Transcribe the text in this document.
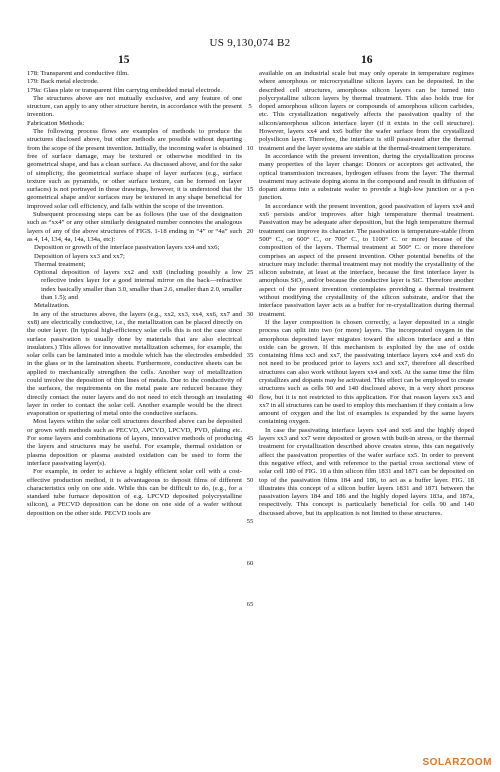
US 9,130,074 B2
15	16

178: Transparent and conductive film.

179: Back metal electrode.

179a: Glass plate or transparent film carrying embedded metal electrode.

The structures above are not mutually exclusive, and any feature of one structure, can apply to any other structure herein, in accordance with the present invention.

Fabrication Methods:

The following process flows are examples of methods to produce the structures disclosed above, but other methods are possible without departing from the scope of the present invention. Initially, the incoming wafer is obtained free of surface damage, may be textured or otherwise modified in its geometrical shape, and has a clean surface. As discussed above, and for the sake of simplicity, the geometrical surface shape of layer surfaces (e.g., surface texture such as pyramids, or other surface texture, can be formed on layer surfaces) is not portrayed in these drawings, however, it is understood that the geometrical shape and/or surfaces may be textured in any shape beneficial for improved solar cell efficiency, and falls within the scope of the invention.

Subsequent processing steps can be as follows (the use of the designation such as “xx4” or any other similarly designated number connotes the analogous layers of any of the above structures of FIGS. 1-18 ending in “4” or “4a” such as 4, 14, 134, 4a, 14a, 134a, etc):

Deposition or growth of the interface passivation layers xx4 and xx6;

Deposition of layers xx3 and xx7;

Thermal treatment;

Optional deposition of layers xx2 and xx8 (including possibly a low reflective index layer for a good internal mirror on the back—refractive index basically smaller than 3.0, smaller than 2.6, smaller than 2.0, smaller than 1.5); and

Metalization.

In any of the structures above, the layers (e.g., xx2, xx3, xx4, xx6, xx7 and xx8) are electrically conductive, i.e., the metallization can be placed directly on the outer layer. (In typical high-efficiency solar cells this is not the case since surface passivation is usually done by materials that are also electrical insulators.) This allows for innovative metallization schemes, for example, the solar cells can be laminated into a module which has the electrodes embedded in the glass or in the lamination sheets. Furthermore, conductive sheets can be applied to mechanically strengthen the cells. Another way of metallization could involve the deposition of thin lines of metals. Due to the conductivity of the surfaces, the requirements on the metal paste are reduced because they directly contact the outer layers and do not need to etch through an insulating layer in order to contact the solar cell. Another example would be the direct evaporation or sputtering of metal onto the conductive surfaces.

Most layers within the solar cell structures described above can be deposited or grown with methods such as PECVD, APCVD, LPCVD, PVD, plating etc. For some layers and combinations of layers, innovative methods of producing the layers and structures may be useful. For example, thermal oxidation or plasma deposition or plasma assisted oxidation can be used to form the interface passivating layer(s).

For example, in order to achieve a highly efficient solar cell with a cost-effective production method, it is advantageous to deposit films of different characteristics only on one side. While this can be difficult to do, (e.g., for a standard tube furnace deposition of e.g. LPCVD deposited polycrystalline silicon), a PECVD deposition can be done on one side of a wafer without deposition on the other side. PECVD tools are

5
10
15
20
25
30
35
40
45
50
55
60
65

available on an industrial scale but may only operate in temperature regimes where amorphous or microcrystalline silicon layers can be deposited. In the described cell structures, amorphous silicon layers can be turned into polycrystalline silicon layers by thermal treatment. This also holds true for doped amorphous silicon layers or compounds of amorphous silicon carbides, etc. This crystallization negatively affects the passivation quality of the silicon/amorphous silicon interface layer (if it exists in the cell structure). However, layers xx4 and xx6 buffer the wafer surface from the crystallized polysilicon layer. Therefore, the interface is still passivated after the thermal treatment and the layer systems are stable at the thermal-treatment temperature.

In accordance with the present invention, during the crystallization process many properties of the layer change: Donors or acceptors get activated, the optical transmission increases, hydrogen effuses from the layer. The thermal treatment may activate doping atoms in the compound and result in diffusion of dopant atoms into a substrate wafer to provide a high-low junction or a p-n junction.

In accordance with the present invention, good passivation of layers xx4 and xx6 persists and/or improves after high temperature thermal treatment. Passivation may be adequate after deposition, but the high temperature thermal treatment can improve its character. The passivation is temperature-stable (from 500° C., or 600° C., or 700° C., to 1100° C. or more) because of the composition of the layers. Thermal treatment at 500° C. or more therefore comprises an aspect of the present invention. Other potential benefits of the structure may include: thermal treatment may not modify the crystallinity of the silicon substrate, at least at the interface, because the first interface layer is amorphous SiO₂, and/or because the conductive layer is SiC. Therefore another aspect of the present invention contemplates providing a thermal treatment without modifying the crystallinity of the silicon substrate, and/or that the interface passivation layer acts as a buffer for re-crystallization during thermal treatment.

If the layer composition is chosen correctly, a layer deposited in a single process can split into two (or more) layers. The incorporated oxygen in the amorphous deposited layer migrates toward the silicon interface and a thin oxide can be grown. If this mechanism is exploited by the use of oxide containing films xx3 and xx7, the passivating interface layers xx4 and xx6 do not need to be produced prior to layers xx3 and xx7, therefore all described structures can also work without layers xx4 and xx6. At the same time the film crystallizes and dopants may be activated. This effect can be employed to create structures such as cells 90 and 140 disclosed above, in a very short process flow, but it is not restricted to this application. For that reason layers xx3 and xx7 in all structures can be used to employ this mechanism if they contain a low amount of oxygen and the list of examples is expanded by the same layers containing oxygen.

In case the passivating interface layers xx4 and xx6 and the highly doped layers xx3 and xx7 were deposited or grown with built-in stress, or the thermal treatment for crystallization described above creates stress, this can negatively affect the passivation properties of the wafer surface xx5. In order to prevent this negative effect, and with reference to the partial cross sectional view of solar cell 180 of FIG. 18 a thin silicon film 1831 and 1871 can be deposited on top of the passivation films 184 and 186, to act as a buffer layer. FIG. 18 illustrates this concept of a silicon buffer layers 1831 and 1871 between the passivation layers 184 and 186 and the highly doped layers 183a, and 187a, respectively. This concept is particularly beneficial for cells 90 and 140 discussed above, but its application is not limited to these structures.

SOLARZOOM
